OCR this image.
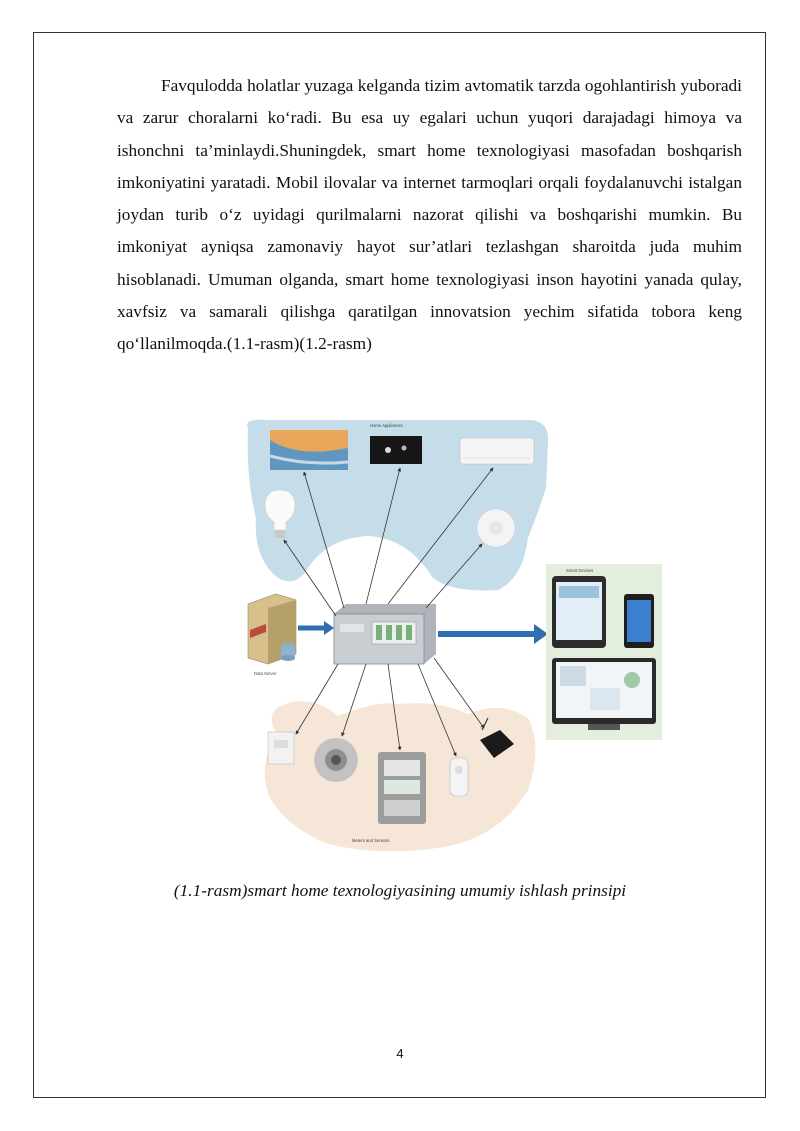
Favqulodda holatlar yuzaga kelganda tizim avtomatik tarzda ogohlantirish yuboradi va zarur choralarni ko‘radi. Bu esa uy egalari uchun yuqori darajadagi himoya va ishonchni ta’minlaydi.Shuningdek, smart home texnologiyasi masofadan boshqarish imkoniyatini yaratadi. Mobil ilovalar va internet tarmoqlari orqali foydalanuvchi istalgan joydan turib o‘z uyidagi qurilmalarni nazorat qilishi va boshqarishi mumkin. Bu imkoniyat ayniqsa zamonaviy hayot sur’atlari tezlashgan sharoitda juda muhim hisoblanadi. Umuman olganda, smart home texnologiyasi inson hayotini yanada qulay, xavfsiz va samarali qilishga qaratilgan innovatsion yechim sifatida tobora keng qo‘llanilmoqda.(1.1-rasm)(1.2-rasm)

Home Appliances
Data Server
Smart Devices
Meters and Sensors

(1.1-rasm)smart home texnologiyasining umumiy ishlash prinsipi

4
